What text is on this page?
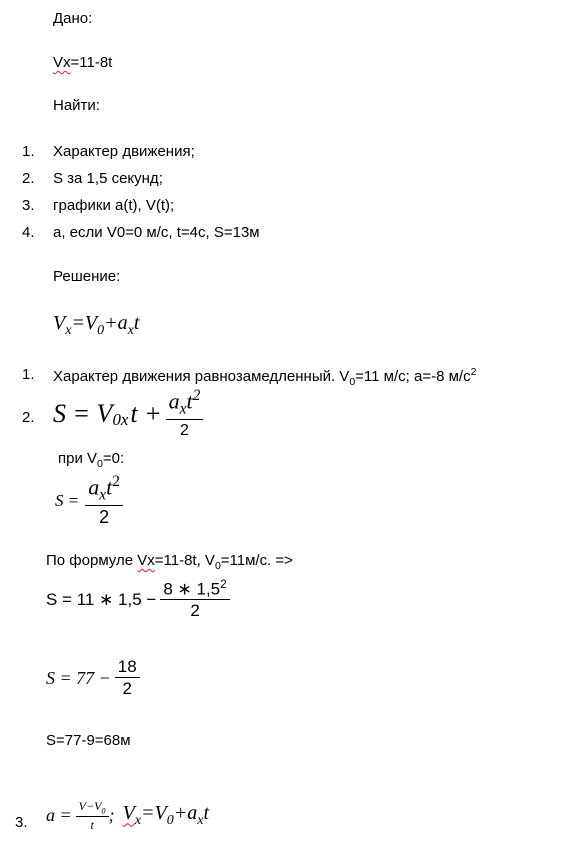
Дано:
Vx=11-8t
Найти:
1. Характер движения;
2. S за 1,5 секунд;
3. графики a(t), V(t);
4. a, если V0=0 м/с, t=4c, S=13м
Решение:
$V_x=V_0+a_xt$
1. Характер движения равнозамедленный. $V_0=11$ м/с; a=-8 $м/с^2$
2. $S = V_{0x}$ $t + \frac{a_xt^2}{2}$
при $V_0=0$:
$S = \frac{a_xt^2}{2}$
По формуле Vx=11-8t, $V_0=11м/с$. =>
S = 11 ∗ $1,5 - \frac{8 ∗ 1,5^2}{2}$
$S = 77 - \frac{18}{2}$
S=77-9=68м
3. $a = \frac{V-V_0}{t}$ ; $V_x=V_0+a_xt$
